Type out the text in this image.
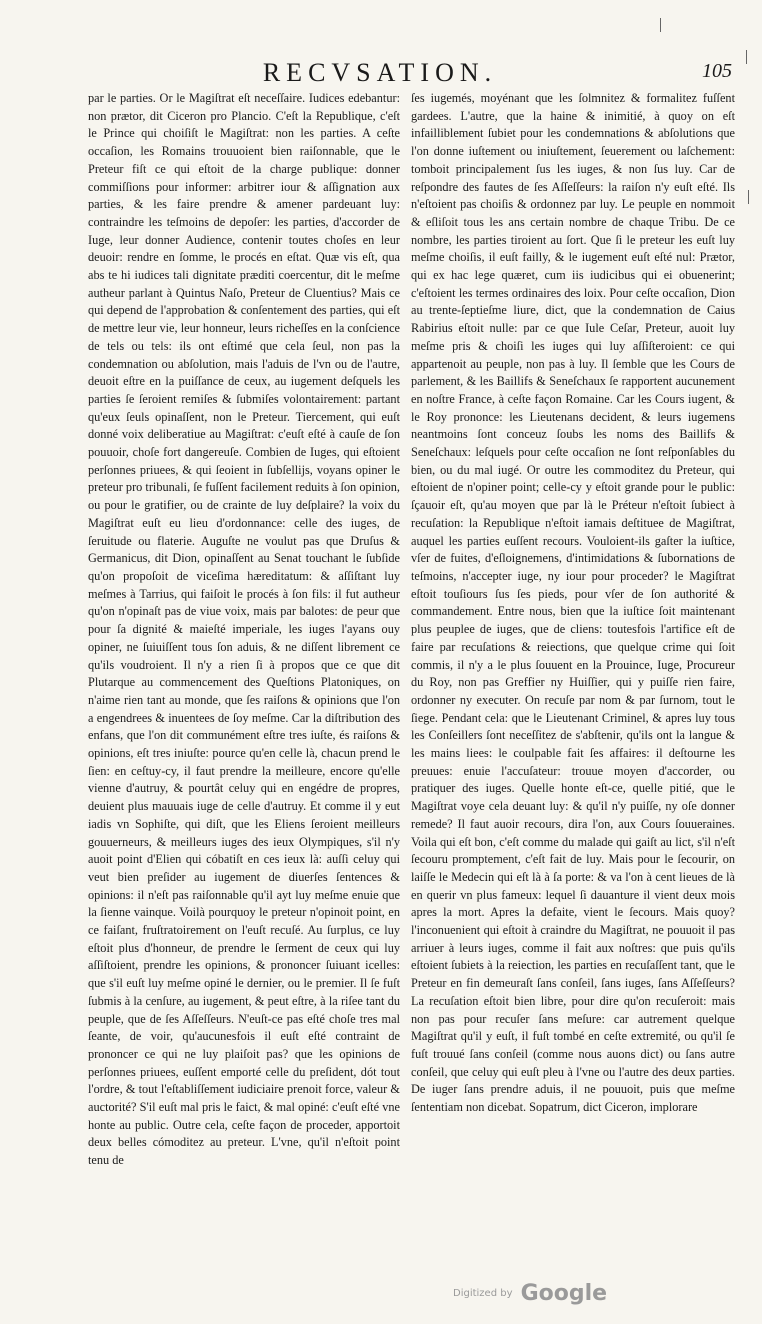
RECVSATION.	105

par le parties. Or le Magiſtrat eſt neceſſaire. Iudices edebantur: non prætor, dit Ciceron pro Plancio. C'eſt la Republique, c'eſt le Prince qui choiſiſt le Magiſtrat: non les parties. A ceſte occaſion, les Romains trouuoient bien raiſonnable, que le Preteur fiſt ce qui eſtoit de la charge publique: donner commiſſions pour informer: arbitrer iour & aſſignation aux parties, & les faire prendre & amener pardeuant luy: contraindre les teſmoins de depoſer: les parties, d'accorder de Iuge, leur donner Audience, contenir toutes choſes en leur deuoir: rendre en ſomme, le procés en eſtat. Quæ vis eſt, qua abs te hi iudices tali dignitate præditi coercentur, dit le meſme autheur parlant à Quintus Naſo, Preteur de Cluentius? Mais ce qui depend de l'approbation & conſentement des parties, qui eſt de mettre leur vie, leur honneur, leurs richeſſes en la conſcience de tels ou tels: ils ont eſtimé que cela ſeul, non pas la condemnation ou abſolution, mais l'aduis de l'vn ou de l'autre, deuoit eſtre en la puiſſance de ceux, au iugement deſquels les parties ſe ſeroient remiſes & ſubmiſes volontairement: partant qu'eux ſeuls opinaſſent, non le Preteur. Tiercement, qui euſt donné voix deliberatiue au Magiſtrat: c'euſt eſté à cauſe de ſon pouuoir, choſe fort dangereuſe. Combien de Iuges, qui eſtoient perſonnes priuees, & qui ſeoient in ſubſellijs, voyans opiner le preteur pro tribunali, ſe fuſſent facilement reduits à ſon opinion, ou pour le gratifier, ou de crainte de luy deſplaire? la voix du Magiſtrat euſt eu lieu d'ordonnance: celle des iuges, de ſeruitude ou flaterie. Auguſte ne voulut pas que Druſus & Germanicus, dit Dion, opinaſſent au Senat touchant le ſubſide qu'on propoſoit de viceſima hæreditatum: & aſſiſtant luy meſmes à Tarrius, qui faiſoit le procés à ſon fils: il fut autheur qu'on n'opinaſt pas de viue voix, mais par balotes: de peur que pour ſa dignité & maieſté imperiale, les iuges l'ayans ouy opiner, ne ſuiuiſſent tous ſon aduis, & ne diſſent librement ce qu'ils voudroient. Il n'y a rien ſi à propos que ce que dit Plutarque au commencement des Queſtions Platoniques, on n'aime rien tant au monde, que ſes raiſons & opinions que l'on a engendrees & inuentees de ſoy meſme. Car la diſtribution des enfans, que l'on dit communément eſtre tres iuſte, és raiſons & opinions, eſt tres iniuſte: pource qu'en celle là, chacun prend le ſien: en ceſtuy-cy, il faut prendre la meilleure, encore qu'elle vienne d'autruy, & pourtât celuy qui en engédre de propres, deuient plus mauuais iuge de celle d'autruy. Et comme il y eut iadis vn Sophiſte, qui diſt, que les Eliens ſeroient meilleurs gouuerneurs, & meilleurs iuges des ieux Olympiques, s'il n'y auoit point d'Elien qui cóbatiſt en ces ieux là: auſſi celuy qui veut bien preſider au iugement de diuerſes ſentences & opinions: il n'eſt pas raiſonnable qu'il ayt luy meſme enuie que la ſienne vainque. Voilà pourquoy le preteur n'opinoit point, en ce faiſant, fruſtratoirement on l'euſt recuſé. Au ſurplus, ce luy eſtoit plus d'honneur, de prendre le ſerment de ceux qui luy aſſiſtoient, prendre les opinions, & prononcer ſuiuant icelles: que s'il euſt luy meſme opiné le dernier, ou le premier. Il ſe fuſt ſubmis à la cenſure, au iugement, & peut eſtre, à la riſee tant du peuple, que de ſes Aſſeſſeurs. N'euſt-ce pas eſté choſe tres mal ſeante, de voir, qu'aucunesfois il euſt eſté contraint de prononcer ce qui ne luy plaiſoit pas? que les opinions de perſonnes priuees, euſſent emporté celle du preſident, dót tout l'ordre, & tout l'eſtabliſſement iudiciaire prenoit force, valeur & auctorité? S'il euſt mal pris le faict, & mal opiné: c'euſt eſté vne honte au public. Outre cela, ceſte façon de proceder, apportoit deux belles cómoditez au preteur. L'vne, qu'il n'eſtoit point tenu de

ſes iugemés, moyénant que les ſolmnitez & formalitez fuſſent gardees. L'autre, que la haine & inimitié, à quoy on eſt infailliblement ſubiet pour les condemnations & abſolutions que l'on donne iuſtement ou iniuſtement, ſeuerement ou laſchement: tomboit principalement ſus les iuges, & non ſus luy. Car de reſpondre des fautes de ſes Aſſeſſeurs: la raiſon n'y euſt eſté. Ils n'eſtoient pas choiſis & ordonnez par luy. Le peuple en nommoit & eſliſoit tous les ans certain nombre de chaque Tribu. De ce nombre, les parties tiroient au ſort. Que ſi le preteur les euſt luy meſme choiſis, il euſt failly, & le iugement euſt eſté nul: Prætor, qui ex hac lege quæret, cum iis iudicibus qui ei obuenerint; c'eſtoient les termes ordinaires des loix. Pour ceſte occaſion, Dion au trente-ſeptieſme liure, dict, que la condemnation de Caius Rabirius eſtoit nulle: par ce que Iule Ceſar, Preteur, auoit luy meſme pris & choiſi les iuges qui luy aſſiſteroient: ce qui appartenoit au peuple, non pas à luy. Il ſemble que les Cours de parlement, & les Baillifs & Seneſchaux ſe rapportent aucunement en noſtre France, à ceſte façon Romaine. Car les Cours iugent, & le Roy prononce: les Lieutenans decident, & leurs iugemens neantmoins ſont conceuz ſoubs les noms des Baillifs & Seneſchaux: leſquels pour ceſte occaſion ne ſont reſponſables du bien, ou du mal iugé. Or outre les commoditez du Preteur, qui eſtoient de n'opiner point; celle-cy y eſtoit grande pour le public: ſçauoir eſt, qu'au moyen que par là le Préteur n'eſtoit ſubiect à recuſation: la Republique n'eſtoit iamais deſtituee de Magiſtrat, auquel les parties euſſent recours. Vouloient-ils gaſter la iuſtice, vſer de fuites, d'eſloignemens, d'intimidations & ſubornations de teſmoins, n'accepter iuge, ny iour pour proceder? le Magiſtrat eſtoit touſiours ſus ſes pieds, pour vſer de ſon authorité & commandement. Entre nous, bien que la iuſtice ſoit maintenant plus peuplee de iuges, que de cliens: toutesfois l'artifice eſt de faire par recuſations & reiections, que quelque crime qui ſoit commis, il n'y a le plus ſouuent en la Prouince, Iuge, Procureur du Roy, non pas Greffier ny Huiſſier, qui y puiſſe rien faire, ordonner ny executer. On recuſe par nom & par ſurnom, tout le ſiege. Pendant cela: que le Lieutenant Criminel, & apres luy tous les Conſeillers ſont neceſſitez de s'abſtenir, qu'ils ont la langue & les mains liees: le coulpable fait ſes affaires: il deſtourne les preuues: enuie l'accuſateur: trouue moyen d'accorder, ou pratiquer des iuges. Quelle honte eſt-ce, quelle pitié, que le Magiſtrat voye cela deuant luy: & qu'il n'y puiſſe, ny oſe donner remede? Il faut auoir recours, dira l'on, aux Cours ſouueraines. Voila qui eſt bon, c'eſt comme du malade qui gaiſt au lict, s'il n'eſt ſecouru promptement, c'eſt fait de luy. Mais pour le ſecourir, on laiſſe le Medecin qui eſt là à ſa porte: & va l'on à cent lieues de là en querir vn plus fameux: lequel ſi dauanture il vient deux mois apres la mort. Apres la defaite, vient le ſecours. Mais quoy? l'inconuenient qui eſtoit à craindre du Magiſtrat, ne pouuoit il pas arriuer à leurs iuges, comme il fait aux noſtres: que puis qu'ils eſtoient ſubiets à la reiection, les parties en recuſaſſent tant, que le Preteur en fin demeuraſt ſans conſeil, ſans iuges, ſans Aſſeſſeurs? La recuſation eſtoit bien libre, pour dire qu'on recuſeroit: mais non pas pour recuſer ſans meſure: car autrement quelque Magiſtrat qu'il y euſt, il fuſt tombé en ceſte extremité, ou qu'il ſe fuſt trouué ſans conſeil (comme nous auons dict) ou ſans autre conſeil, que celuy qui euſt pleu à l'vne ou l'autre des deux parties. De iuger ſans prendre aduis, il ne pouuoit, puis que meſme ſententiam non dicebat. Sopatrum, dict Ciceron, implorare

Digitized by Google
